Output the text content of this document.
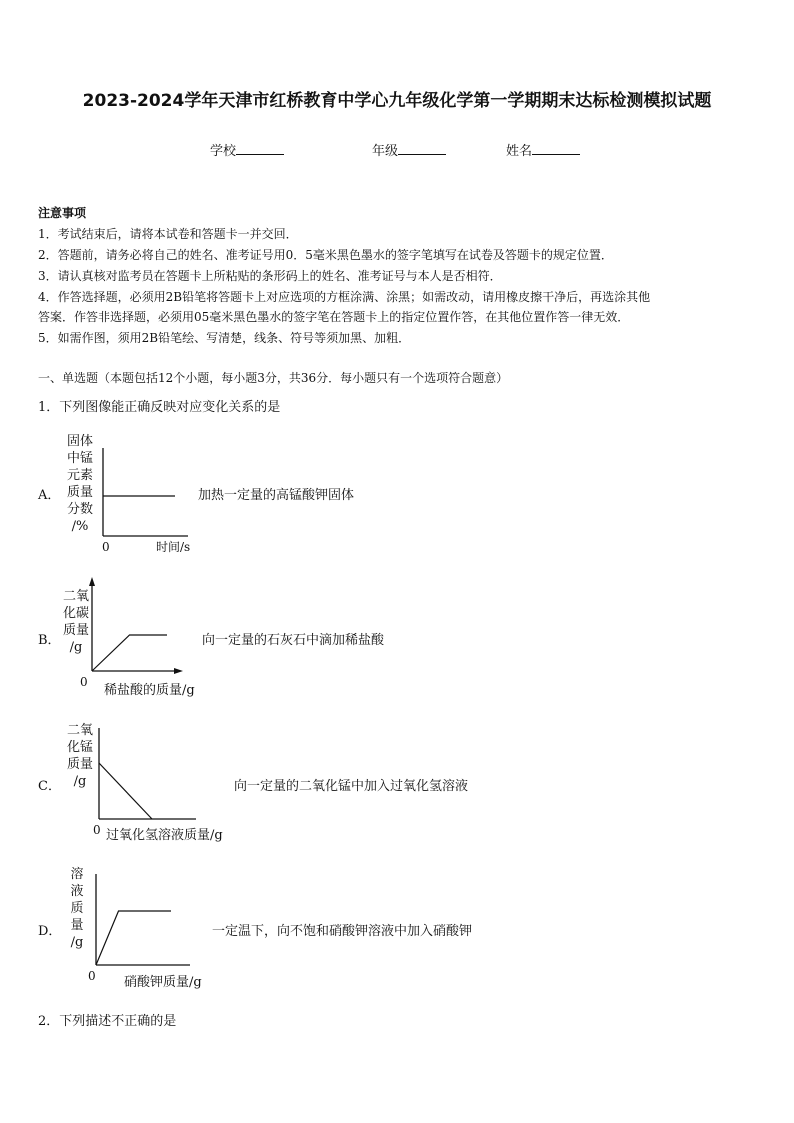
2023-2024学年天津市红桥教育中学心九年级化学第一学期期末达标检测模拟试题
学校	年级	姓名
注意事项
1．考试结束后，请将本试卷和答题卡一并交回．
2．答题前，请务必将自己的姓名、准考证号用0．5毫米黑色墨水的签字笔填写在试卷及答题卡的规定位置．
3．请认真核对监考员在答题卡上所粘贴的条形码上的姓名、准考证号与本人是否相符．
4．作答选择题，必须用2B铅笔将答题卡上对应选项的方框涂满、涂黑；如需改动，请用橡皮擦干净后，再选涂其他
答案．作答非选择题，必须用05毫米黑色墨水的签字笔在答题卡上的指定位置作答，在其他位置作答一律无效．
5．如需作图，须用2B铅笔绘、写清楚，线条、符号等须加黑、加粗．
一、单选题（本题包括12个小题，每小题3分，共36分．每小题只有一个选项符合题意）
1．下列图像能正确反映对应变化关系的是
A．
固体
中锰
元素
质量
分数
/%
0	时间/s
加热一定量的高锰酸钾固体
B．
二氧
化碳
质量
/g
0
稀盐酸的质量/g
向一定量的石灰石中滴加稀盐酸
C．
二氧
化锰
质量
/g
0 过氧化氢溶液质量/g
向一定量的二氧化锰中加入过氧化氢溶液
D．
溶
液
质
量
/g
0 硝酸钾质量/g
一定温下，向不饱和硝酸钾溶液中加入硝酸钾
2．下列描述不正确的是
